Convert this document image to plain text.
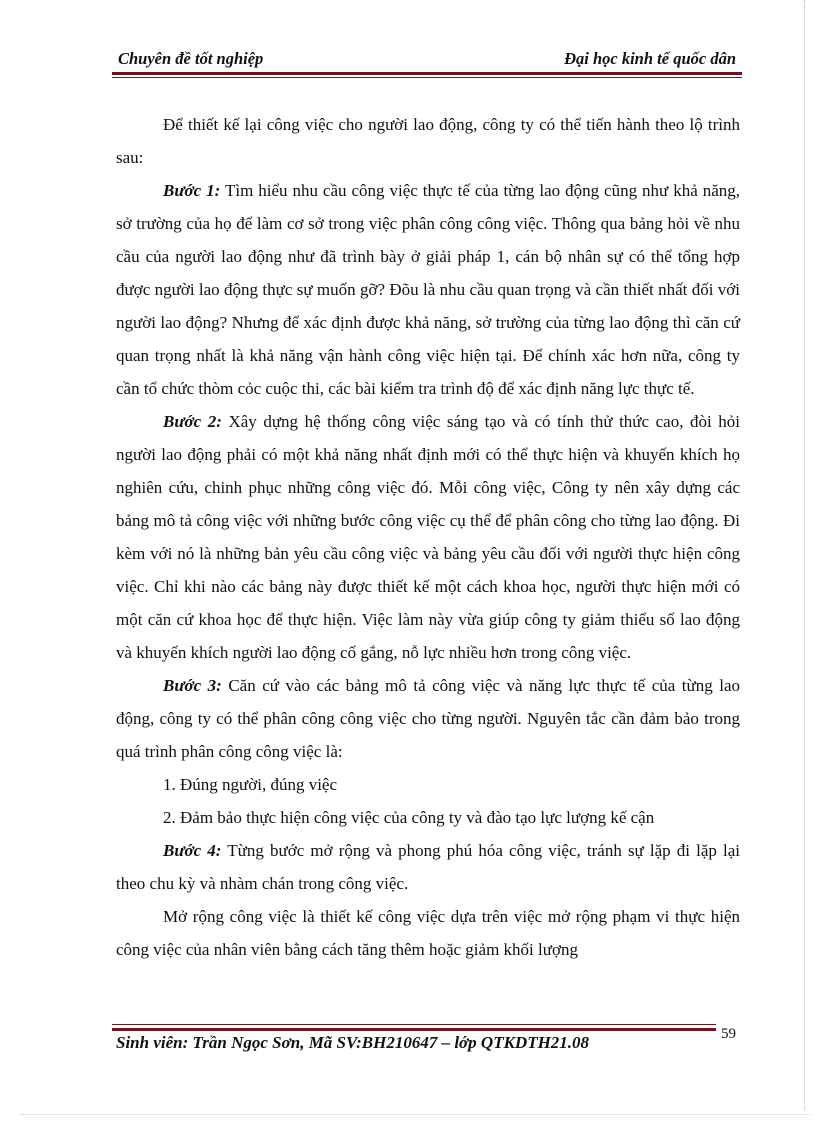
Chuyên đề tốt nghiệp	Đại học kinh tế quốc dân

Để thiết kế lại công việc cho người lao động, công ty có thể tiến hành theo lộ trình sau:

Bước 1: Tìm hiểu nhu cầu công việc thực tế của từng lao động cũng như khả năng, sở trường của họ để làm cơ sở trong việc phân công công việc. Thông qua bảng hỏi về nhu cầu của người lao động như đã trình bày ở giải pháp 1, cán bộ nhân sự có thể tổng hợp được người lao động thực sự muốn gỡ? Đõu là nhu cầu quan trọng và cần thiết nhất đối với người lao động? Nhưng để xác định được khả năng, sở trường của từng lao động thì căn cứ quan trọng nhất là khả năng vận hành công việc hiện tại. Để chính xác hơn nữa, công ty cần tổ chức thòm cỏc cuộc thi, các bài kiểm tra trình độ để xác định năng lực thực tế.

Bước 2: Xây dựng hệ thống công việc sáng tạo và có tính thử thức cao, đòi hỏi người lao động phải có một khả năng nhất định mới có thể thực hiện và khuyến khích họ nghiên cứu, chinh phục những công việc đó. Mỗi công việc, Công ty nên xây dựng các bảng mô tả công việc với những bước công việc cụ thể để phân công cho từng lao động. Đi kèm với nó là những bản yêu cầu công việc và bảng yêu cầu đối với người thực hiện công việc. Chỉ khi nào các bảng này được thiết kế một cách khoa học, người thực hiện mới có một căn cứ khoa học để thực hiện. Việc làm này vừa giúp công ty giảm thiểu số lao động và khuyến khích người lao động cố gắng, nỗ lực nhiều hơn trong công việc.

Bước 3: Căn cứ vào các bảng mô tả công việc và năng lực thực tế của từng lao động, công ty có thể phân công công việc cho từng người. Nguyên tắc cần đảm bảo trong quá trình phân công công việc là:

1. Đúng người, đúng việc

2. Đảm bảo thực hiện công việc của công ty và đào tạo lực lượng kế cận

Bước 4: Từng bước mở rộng và phong phú hóa công việc, tránh sự lặp đi lặp lại theo chu kỳ và nhàm chán trong công việc.

Mở rộng công việc là thiết kế công việc dựa trên việc mở rộng phạm vi thực hiện công việc của nhân viên bằng cách tăng thêm hoặc giảm khối lượng

59
Sinh viên: Trần Ngọc Sơn, Mã SV:BH210647 – lớp QTKDTH21.08
